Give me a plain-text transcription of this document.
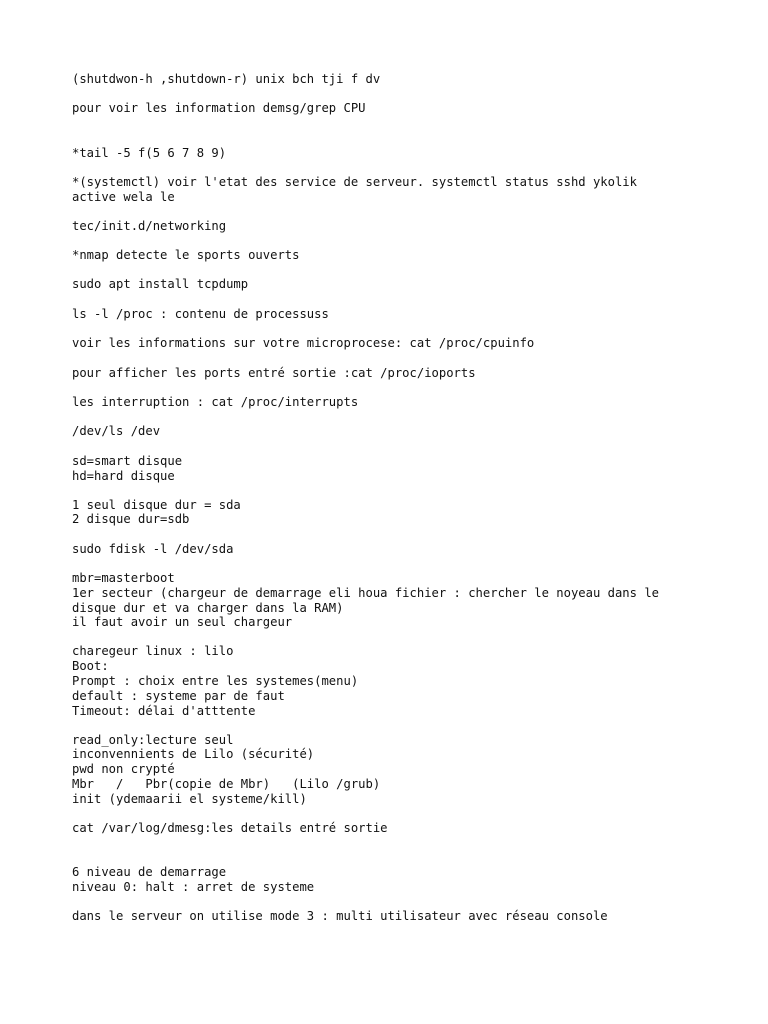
(shutdwon-h ,shutdown-r) unix bch tji f dv
pour voir les information demsg/grep CPU
*tail -5 f(5 6 7 8 9)
*(systemctl) voir l'etat des service de serveur. systemctl status sshd ykolik
active wela le
tec/init.d/networking
*nmap detecte le sports ouverts
sudo apt install tcpdump
ls -l /proc : contenu de processuss
voir les informations sur votre microprocese: cat /proc/cpuinfo
pour afficher les ports entré sortie :cat /proc/ioports
les interruption : cat /proc/interrupts
/dev/ls /dev
sd=smart disque
hd=hard disque
1 seul disque dur = sda
2 disque dur=sdb
sudo fdisk -l /dev/sda
mbr=masterboot
1er secteur (chargeur de demarrage eli houa fichier : chercher le noyeau dans le
disque dur et va charger dans la RAM)
il faut avoir un seul chargeur
charegeur linux : lilo
Boot:
Prompt : choix entre les systemes(menu)
default : systeme par de faut
Timeout: délai d'atttente
read_only:lecture seul
inconvennients de Lilo (sécurité)
pwd non crypté
Mbr   /   Pbr(copie de Mbr)   (Lilo /grub)
init (ydemaarii el systeme/kill)
cat /var/log/dmesg:les details entré sortie
6 niveau de demarrage
niveau 0: halt : arret de systeme
dans le serveur on utilise mode 3 : multi utilisateur avec réseau console
